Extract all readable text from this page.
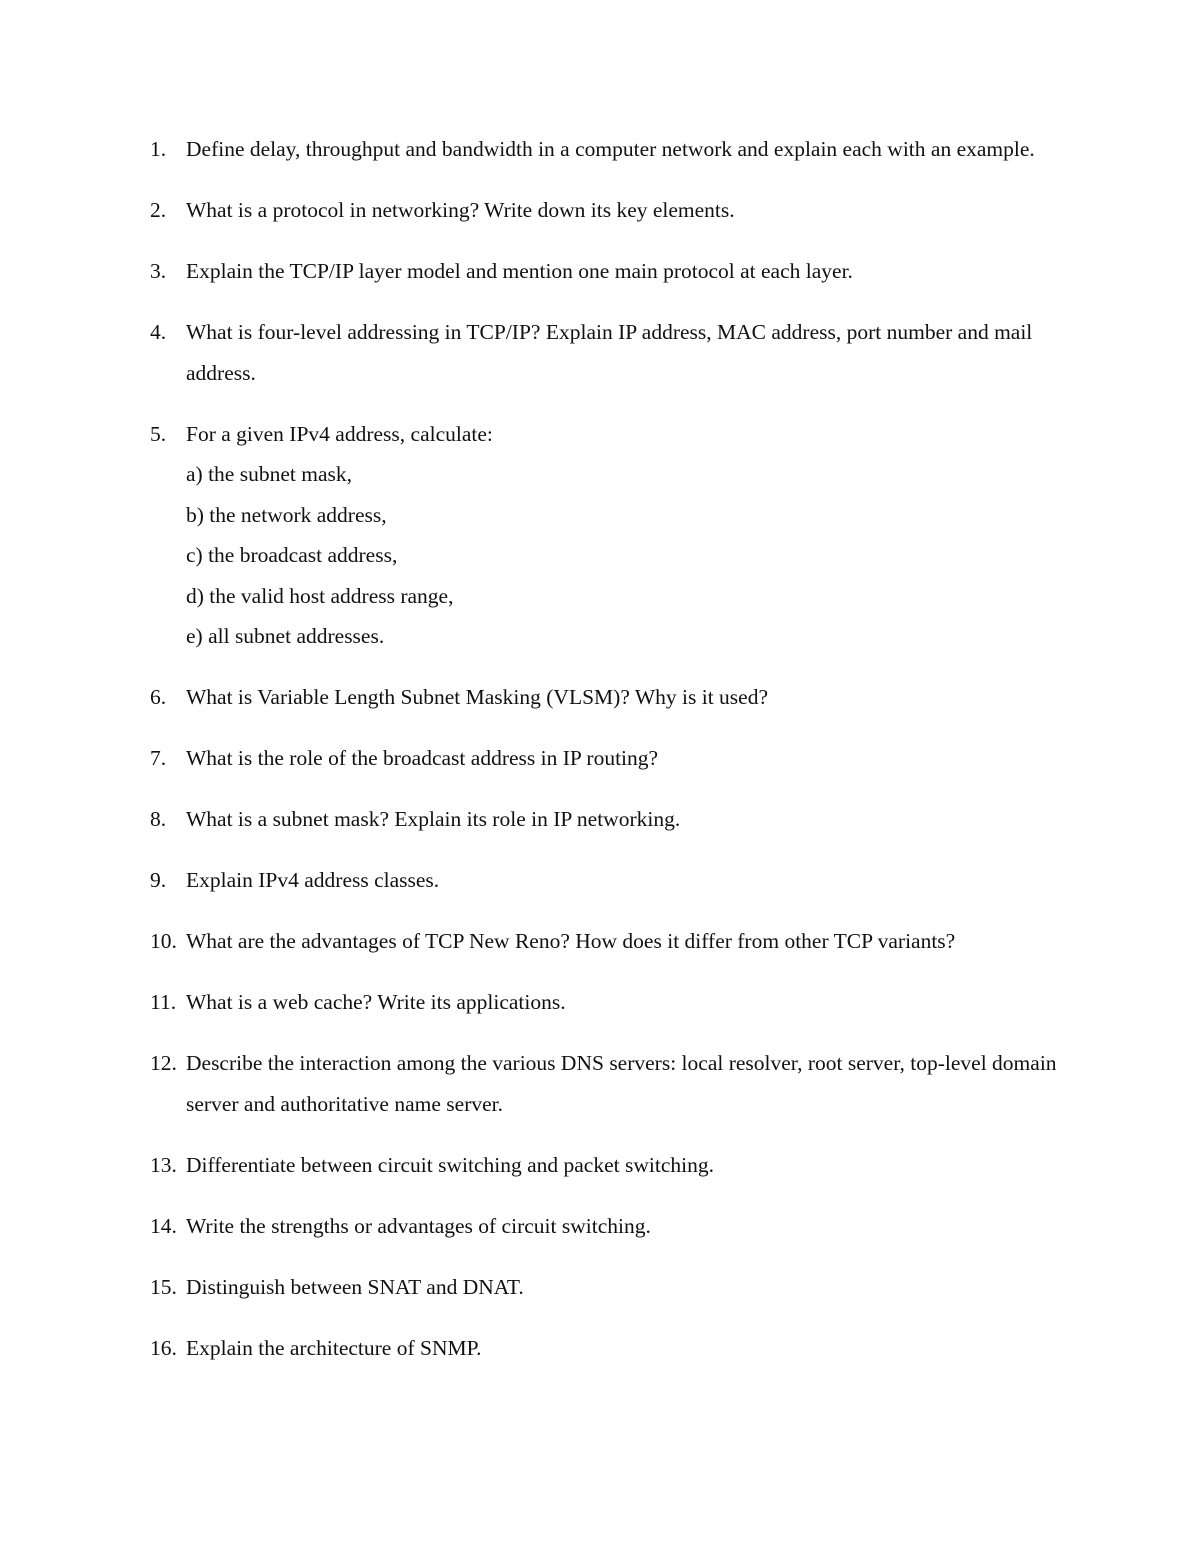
1. Define delay, throughput and bandwidth in a computer network and explain each with an example.
2. What is a protocol in networking? Write down its key elements.
3. Explain the TCP/IP layer model and mention one main protocol at each layer.
4. What is four-level addressing in TCP/IP? Explain IP address, MAC address, port number and mail address.
5. For a given IPv4 address, calculate:
a) the subnet mask,
b) the network address,
c) the broadcast address,
d) the valid host address range,
e) all subnet addresses.
6. What is Variable Length Subnet Masking (VLSM)? Why is it used?
7. What is the role of the broadcast address in IP routing?
8. What is a subnet mask? Explain its role in IP networking.
9. Explain IPv4 address classes.
10. What are the advantages of TCP New Reno? How does it differ from other TCP variants?
11. What is a web cache? Write its applications.
12. Describe the interaction among the various DNS servers: local resolver, root server, top-level domain server and authoritative name server.
13. Differentiate between circuit switching and packet switching.
14. Write the strengths or advantages of circuit switching.
15. Distinguish between SNAT and DNAT.
16. Explain the architecture of SNMP.
